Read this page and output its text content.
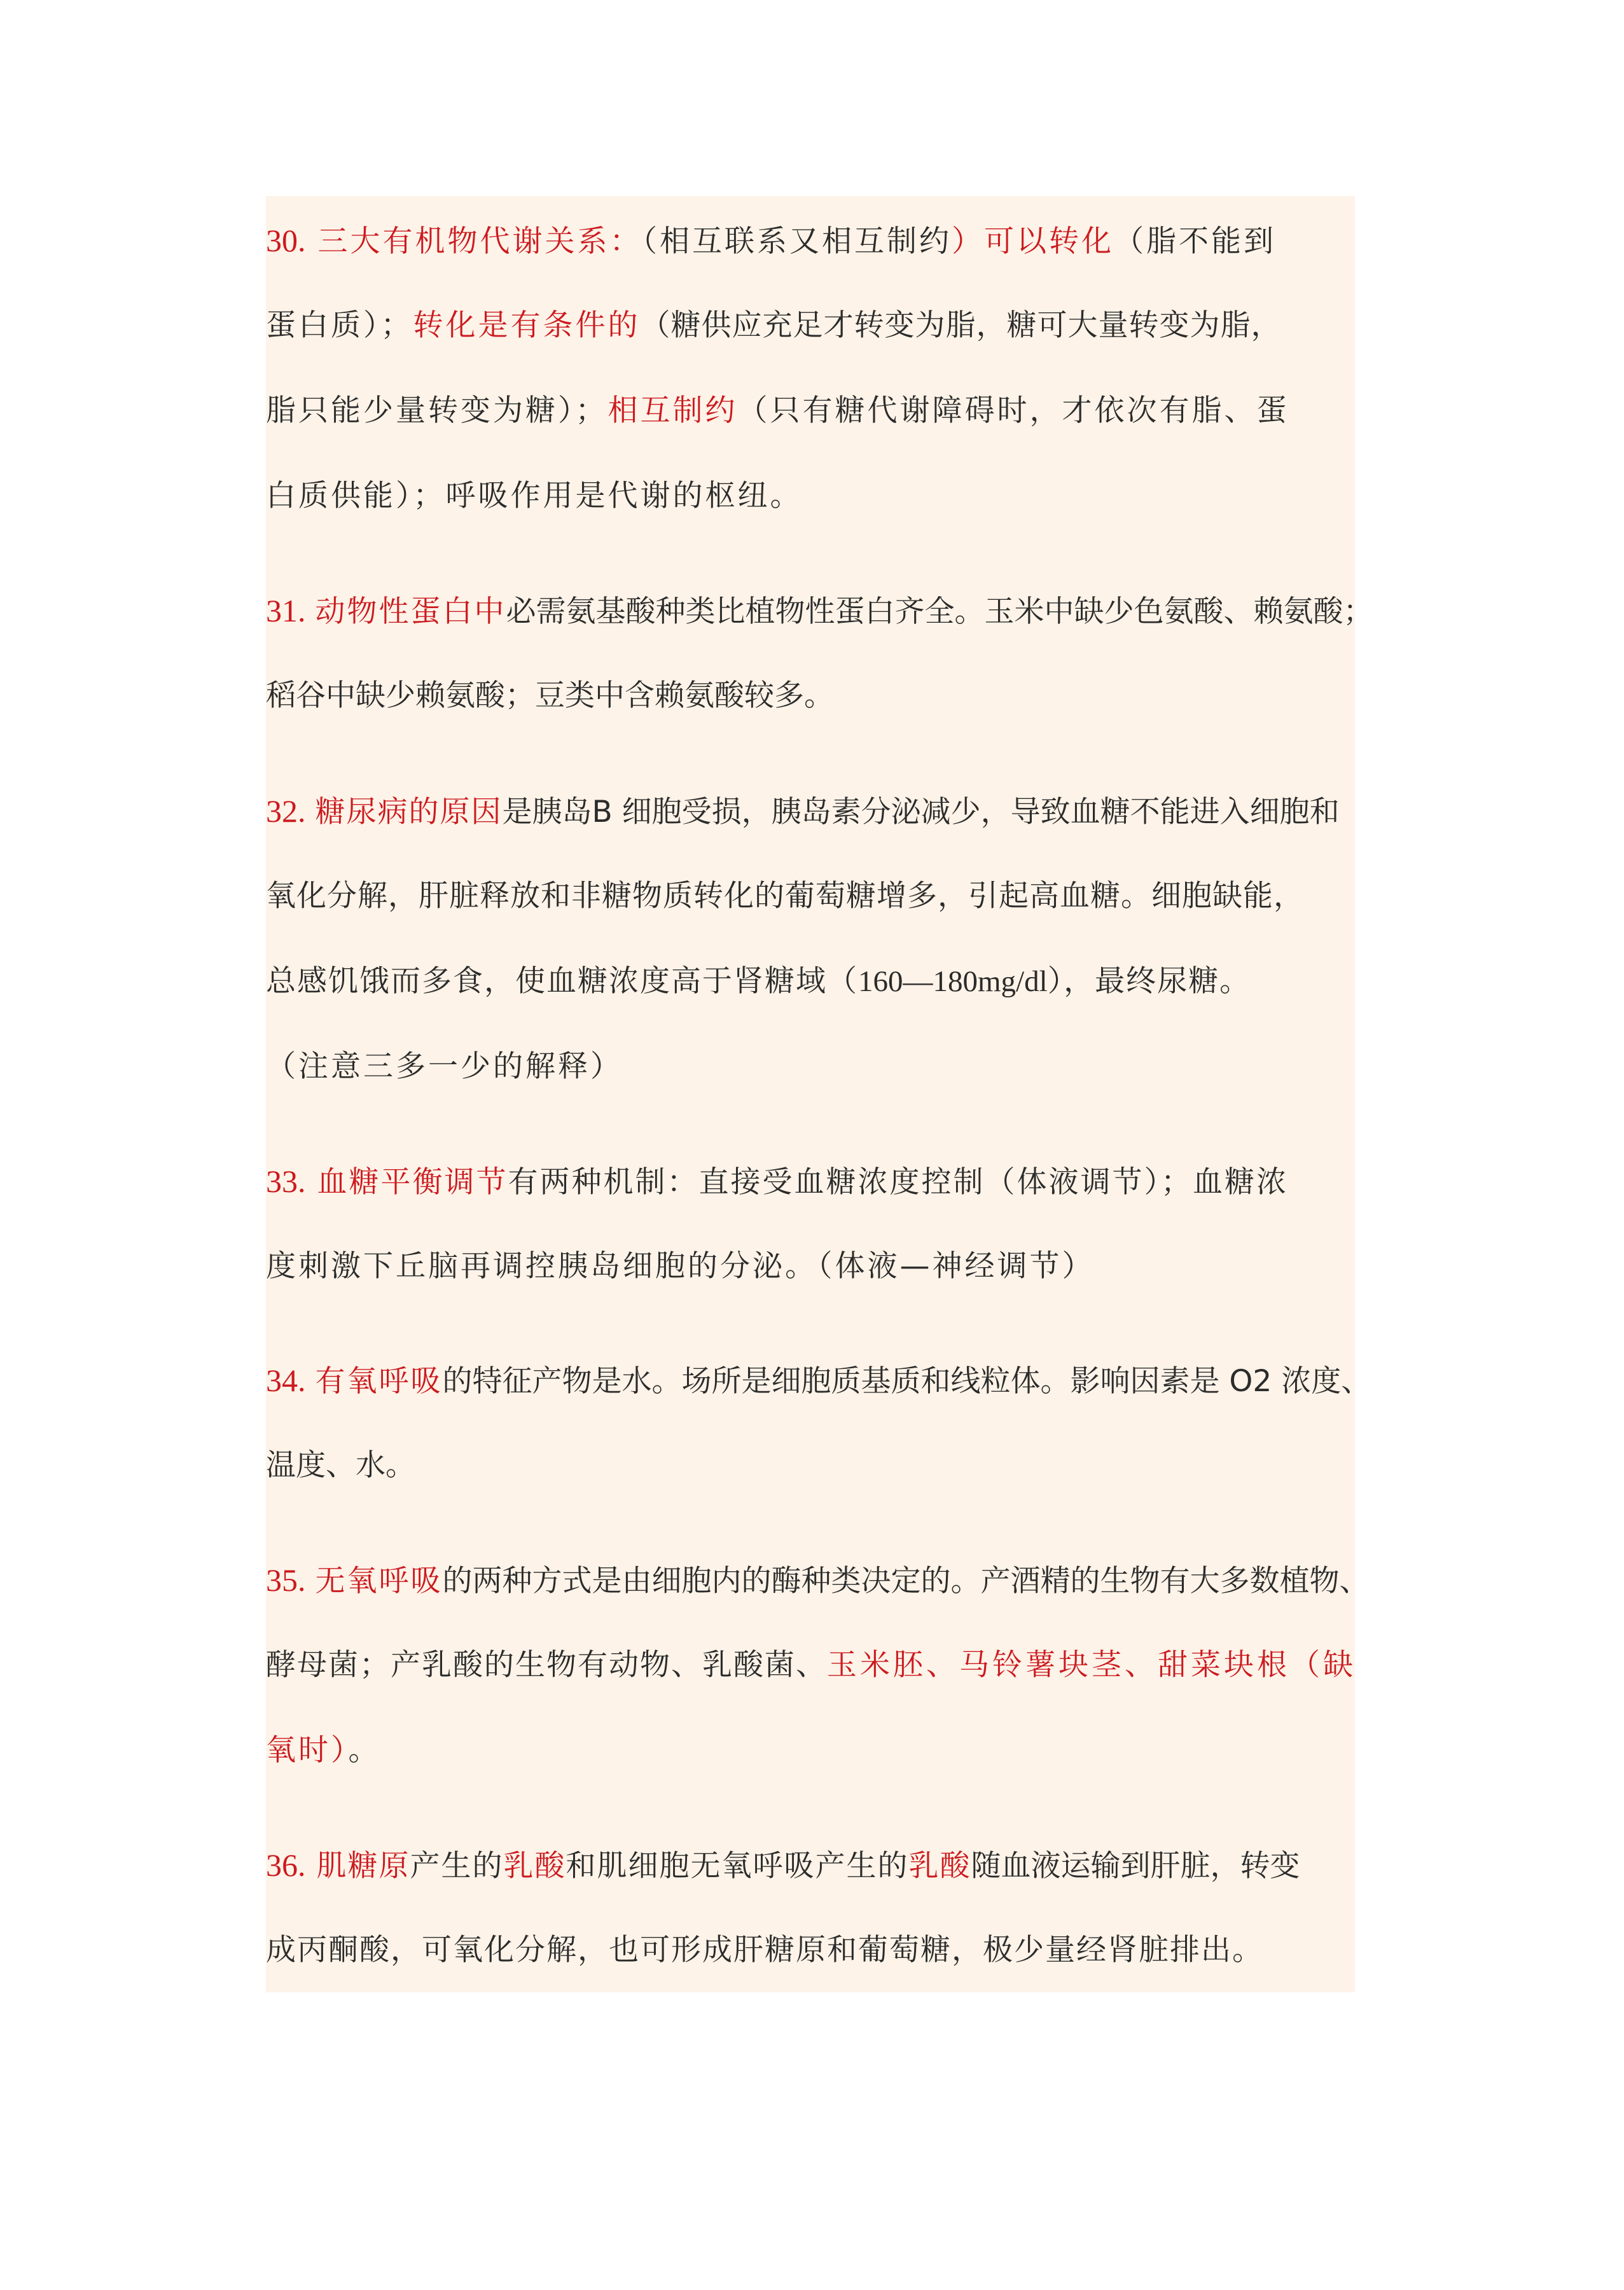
30. 三大有机物代谢关系：（相互联系又相互制约）可以转化（脂不能到
蛋白质）；转化是有条件的（糖供应充足才转变为脂，糖可大量转变为脂，
脂只能少量转变为糖）；相互制约（只有糖代谢障碍时，才依次有脂、蛋
白质供能）；呼吸作用是代谢的枢纽。
31. 动物性蛋白中必需氨基酸种类比植物性蛋白齐全。玉米中缺少色氨酸、赖氨酸；
稻谷中缺少赖氨酸；豆类中含赖氨酸较多。
32. 糖尿病的原因是胰岛B 细胞受损，胰岛素分泌减少，导致血糖不能进入细胞和
氧化分解，肝脏释放和非糖物质转化的葡萄糖增多，引起高血糖。细胞缺能，
总感饥饿而多食，使血糖浓度高于肾糖域（160—180mg/dl），最终尿糖。
（注意三多一少的解释）
33. 血糖平衡调节有两种机制：直接受血糖浓度控制（体液调节）；血糖浓
度刺激下丘脑再调控胰岛细胞的分泌。（体液—神经调节）
34. 有氧呼吸的特征产物是水。场所是细胞质基质和线粒体。影响因素是 O2 浓度、
温度、水。
35. 无氧呼吸的两种方式是由细胞内的酶种类决定的。产酒精的生物有大多数植物、
酵母菌；产乳酸的生物有动物、乳酸菌、玉米胚、马铃薯块茎、甜菜块根（缺
氧时）。
36. 肌糖原产生的乳酸和肌细胞无氧呼吸产生的乳酸随血液运输到肝脏，转变
成丙酮酸，可氧化分解，也可形成肝糖原和葡萄糖，极少量经肾脏排出。
